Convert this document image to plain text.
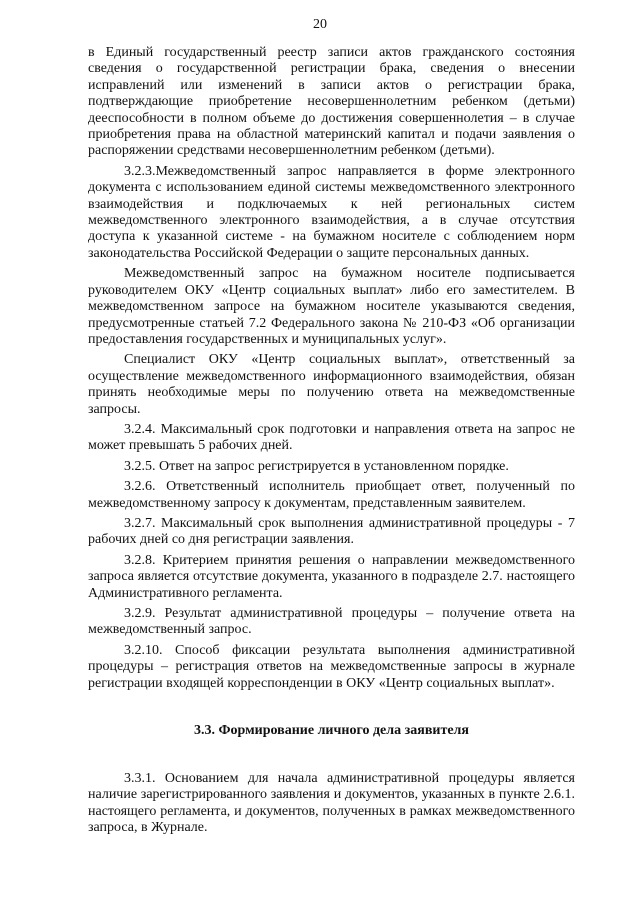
20

в Единый государственный реестр записи актов гражданского состояния сведения о государственной регистрации брака, сведения о внесении исправлений или изменений в записи актов о регистрации брака, подтверждающие приобретение несовершеннолетним ребенком (детьми) дееспособности в полном объеме до достижения совершеннолетия – в случае приобретения права на областной материнский капитал и подачи заявления о распоряжении средствами несовершеннолетним ребенком (детьми).

3.2.3.Межведомственный запрос направляется в форме электронного документа с использованием единой системы межведомственного электронного взаимодействия и подключаемых к ней региональных систем межведомственного электронного взаимодействия, а в случае отсутствия доступа к указанной системе - на бумажном носителе с соблюдением норм законодательства Российской Федерации о защите персональных данных.

Межведомственный запрос на бумажном носителе подписывается руководителем ОКУ «Центр социальных выплат» либо его заместителем. В межведомственном запросе на бумажном носителе указываются сведения, предусмотренные статьей 7.2 Федерального закона № 210-ФЗ «Об организации предоставления государственных и муниципальных услуг».

Специалист ОКУ «Центр социальных выплат», ответственный за осуществление межведомственного информационного взаимодействия, обязан принять необходимые меры по получению ответа на межведомственные запросы.

3.2.4. Максимальный срок подготовки и направления ответа на запрос не может превышать 5 рабочих дней.

3.2.5. Ответ на запрос регистрируется в установленном порядке.

3.2.6. Ответственный исполнитель приобщает ответ, полученный по межведомственному запросу к документам, представленным заявителем.

3.2.7. Максимальный срок выполнения административной процедуры - 7 рабочих дней со дня регистрации заявления.

3.2.8. Критерием принятия решения о направлении межведомственного запроса является отсутствие документа, указанного в подразделе 2.7. настоящего Административного регламента.

3.2.9. Результат административной процедуры – получение ответа на межведомственный запрос.

3.2.10. Способ фиксации результата выполнения административной процедуры – регистрация ответов на межведомственные запросы в журнале регистрации входящей корреспонденции в ОКУ «Центр социальных выплат».

3.3. Формирование личного дела заявителя

3.3.1. Основанием для начала административной процедуры является наличие зарегистрированного заявления и документов, указанных в пункте 2.6.1. настоящего регламента, и документов, полученных в рамках межведомственного запроса, в Журнале.
